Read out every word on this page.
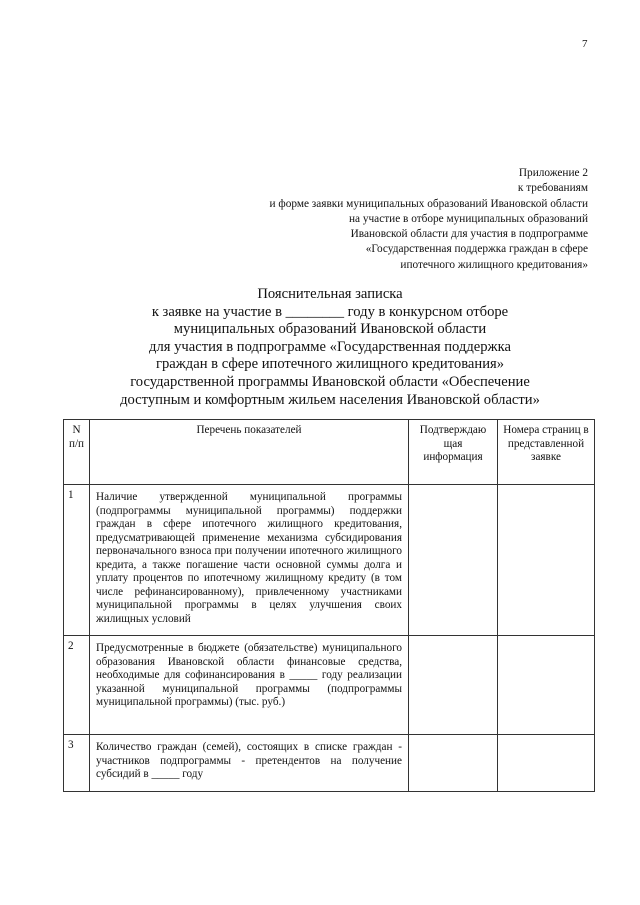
7
Приложение 2
к требованиям
и форме заявки муниципальных образований Ивановской области
на участие в отборе муниципальных образований
Ивановской области для участия в подпрограмме
«Государственная поддержка граждан в сфере
ипотечного жилищного кредитования»
Пояснительная записка
к заявке на участие в ________ году в конкурсном отборе
муниципальных образований Ивановской области
для участия в подпрограмме «Государственная поддержка
граждан в сфере ипотечного жилищного кредитования»
государственной программы Ивановской области «Обеспечение
доступным и комфортным жильем населения Ивановской области»
N п/п	Перечень показателей	Подтверждаю щая информация	Номера страниц в представленной заявке
1	Наличие утвержденной муниципальной программы (подпрограммы муниципальной программы) поддержки граждан в сфере ипотечного жилищного кредитования, предусматривающей применение механизма субсидирования первоначального взноса при получении ипотечного жилищного кредита, а также погашение части основной суммы долга и уплату процентов по ипотечному жилищному кредиту (в том числе рефинансированному), привлеченному участниками муниципальной программы в целях улучшения своих жилищных условий		
2	Предусмотренные в бюджете (обязательстве) муниципального образования Ивановской области финансовые средства, необходимые для софинансирования в _____ году реализации указанной муниципальной программы (подпрограммы муниципальной программы) (тыс. руб.)		
3	Количество граждан (семей), состоящих в списке граждан - участников подпрограммы - претендентов на получение субсидий в _____ году		
